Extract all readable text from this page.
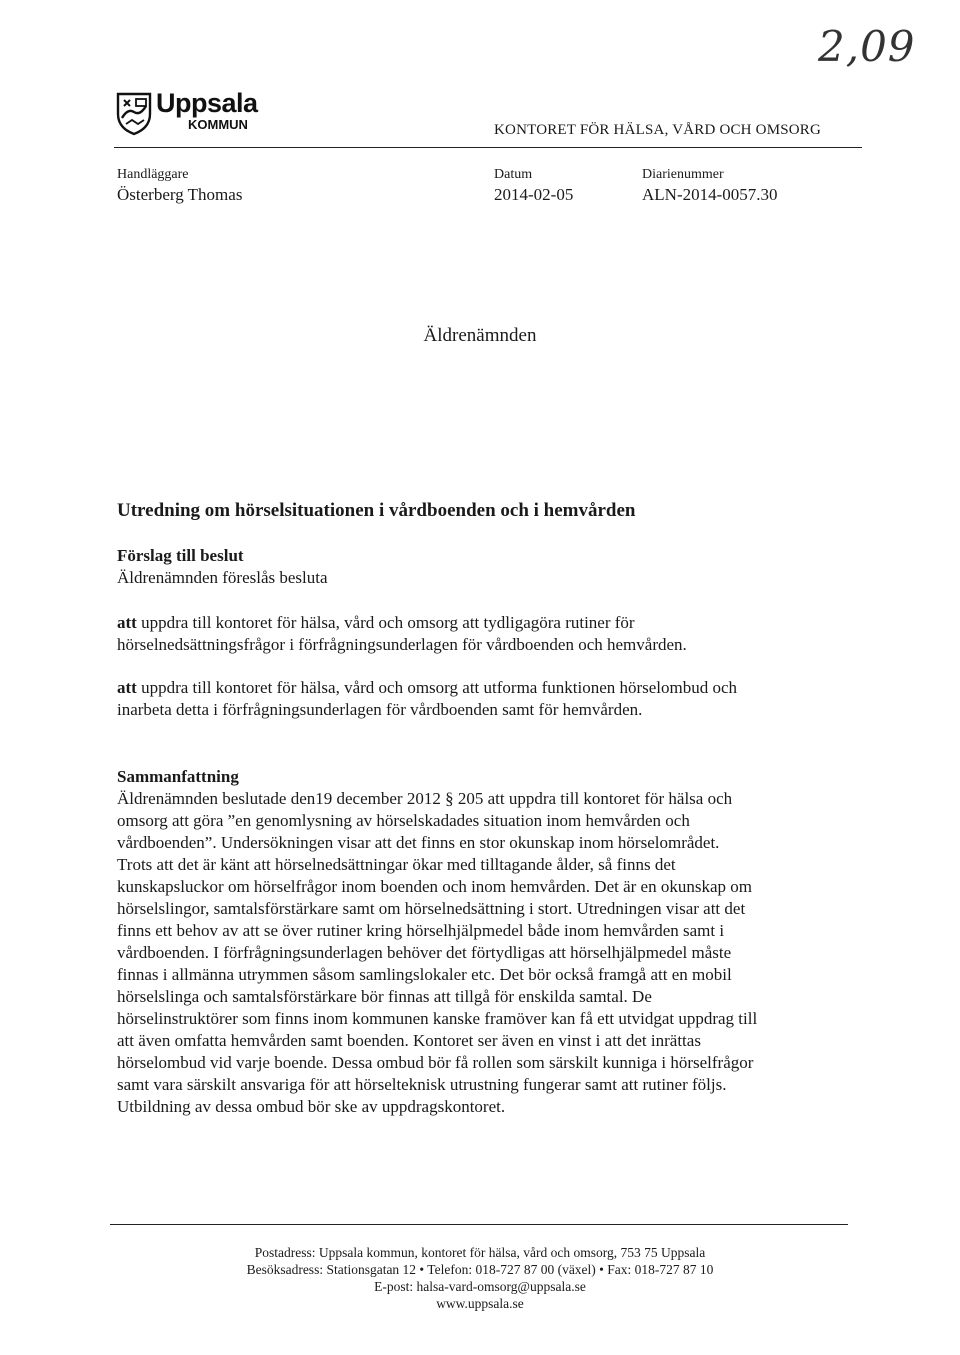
2,09
Uppsala
KOMMUN	KONTORET FÖR HÄLSA, VÅRD OCH OMSORG
Handläggare
Österberg Thomas
Datum
2014-02-05
Diarienummer
ALN-2014-0057.30
Äldrenämnden
Utredning om hörselsituationen i vårdboenden och i hemvården
Förslag till beslut
Äldrenämnden föreslås besluta

att uppdra till kontoret för hälsa, vård och omsorg att tydligagöra rutiner för

hörselnedsättningsfrågor i förfrågningsunderlagen för vårdboenden och hemvården.

att uppdra till kontoret för hälsa, vård och omsorg att utforma funktionen hörselombud och

inarbeta detta i förfrågningsunderlagen för vårdboenden samt för hemvården.

Sammanfattning
Äldrenämnden beslutade den19 december 2012 § 205 att uppdra till kontoret för hälsa och
omsorg att göra ”en genomlysning av hörselskadades situation inom hemvården och
vårdboenden”. Undersökningen visar att det finns en stor okunskap inom hörselområdet.
Trots att det är känt att hörselnedsättningar ökar med tilltagande ålder, så finns det
kunskapsluckor om hörselfrågor inom boenden och inom hemvården. Det är en okunskap om
hörselslingor, samtalsförstärkare samt om hörselnedsättning i stort. Utredningen visar att det
finns ett behov av att se över rutiner kring hörselhjälpmedel både inom hemvården samt i
vårdboenden. I förfrågningsunderlagen behöver det förtydligas att hörselhjälpmedel måste
finnas i allmänna utrymmen såsom samlingslokaler etc. Det bör också framgå att en mobil
hörselslinga och samtalsförstärkare bör finnas att tillgå för enskilda samtal. De
hörselinstruktörer som finns inom kommunen kanske framöver kan få ett utvidgat uppdrag till
att även omfatta hemvården samt boenden. Kontoret ser även en vinst i att det inrättas
hörselombud vid varje boende. Dessa ombud bör få rollen som särskilt kunniga i hörselfrågor
samt vara särskilt ansvariga för att hörselteknisk utrustning fungerar samt att rutiner följs.
Utbildning av dessa ombud bör ske av uppdragskontoret.
Postadress: Uppsala kommun, kontoret för hälsa, vård och omsorg, 753 75 Uppsala
Besöksadress: Stationsgatan 12 • Telefon: 018-727 87 00 (växel) • Fax: 018-727 87 10
E-post: halsa-vard-omsorg@uppsala.se
www.uppsala.se
